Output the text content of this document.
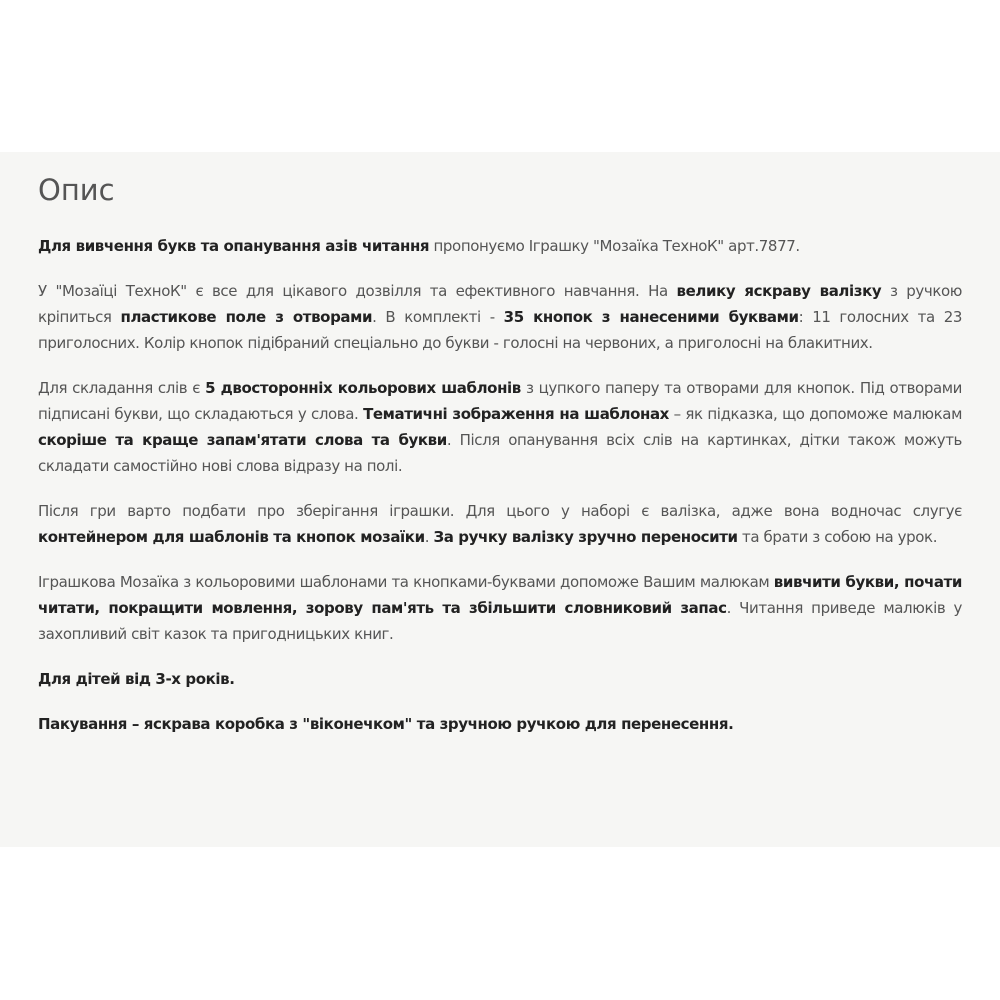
Опис

Для вивчення букв та опанування азів читання пропонуємо Іграшку "Мозаїка ТехноК" арт.7877.

У "Мозаїці ТехноК" є все для цікавого дозвілля та ефективного навчання. На велику яскраву валізку з ручкою кріпиться пластикове поле з отворами. В комплекті - 35 кнопок з нанесеними буквами: 11 голосних та 23 приголосних. Колір кнопок підібраний спеціально до букви - голосні на червоних, а приголосні на блакитних.

Для складання слів є 5 двосторонніх кольорових шаблонів з цупкого паперу та отворами для кнопок. Під отворами підписані букви, що складаються у слова. Тематичні зображення на шаблонах – як підказка, що допоможе малюкам скоріше та краще запам'ятати слова та букви. Після опанування всіх слів на картинках, дітки також можуть складати самостійно нові слова відразу на полі.

Після гри варто подбати про зберігання іграшки. Для цього у наборі є валізка, адже вона водночас слугує контейнером для шаблонів та кнопок мозаїки. За ручку валізку зручно переносити та брати з собою на урок.

Іграшкова Мозаїка з кольоровими шаблонами та кнопками-буквами допоможе Вашим малюкам вивчити букви, почати читати, покращити мовлення, зорову пам'ять та збільшити словниковий запас. Читання приведе малюків у захопливий світ казок та пригодницьких книг.

Для дітей від 3-х років.

Пакування – яскрава коробка з "віконечком" та зручною ручкою для перенесення.
